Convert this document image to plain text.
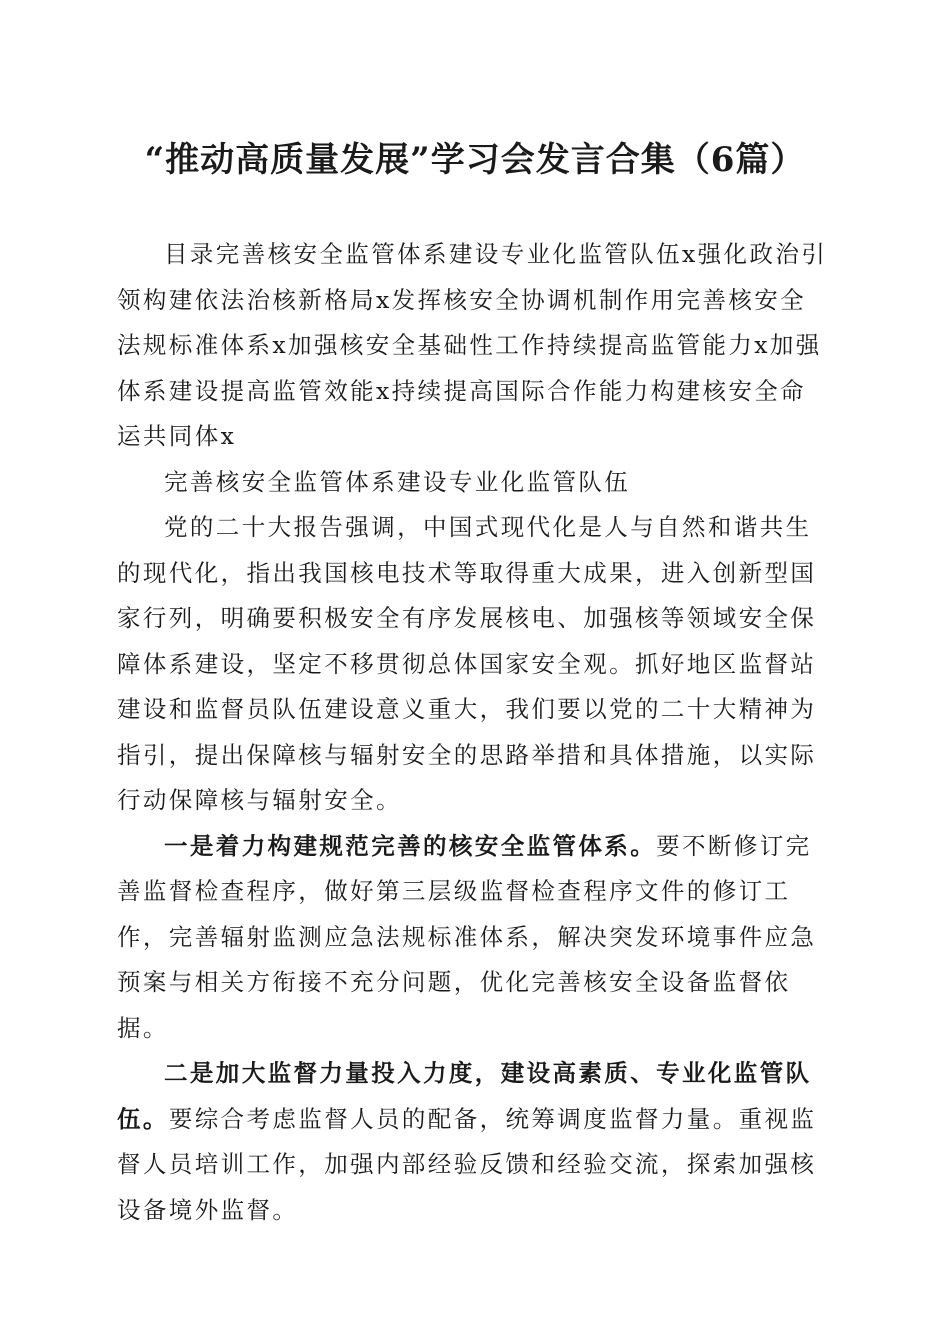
“推动高质量发展”学习会发言合集（6篇）

目录完善核安全监管体系建设专业化监管队伍x强化政治引领构建依法治核新格局x发挥核安全协调机制作用完善核安全法规标准体系x加强核安全基础性工作持续提高监管能力x加强体系建设提高监管效能x持续提高国际合作能力构建核安全命运共同体x

完善核安全监管体系建设专业化监管队伍

党的二十大报告强调，中国式现代化是人与自然和谐共生的现代化，指出我国核电技术等取得重大成果，进入创新型国家行列，明确要积极安全有序发展核电、加强核等领域安全保障体系建设，坚定不移贯彻总体国家安全观。抓好地区监督站建设和监督员队伍建设意义重大，我们要以党的二十大精神为指引，提出保障核与辐射安全的思路举措和具体措施，以实际行动保障核与辐射安全。

一是着力构建规范完善的核安全监管体系。要不断修订完善监督检查程序，做好第三层级监督检查程序文件的修订工作，完善辐射监测应急法规标准体系，解决突发环境事件应急预案与相关方衔接不充分问题，优化完善核安全设备监督依据。

二是加大监督力量投入力度，建设高素质、专业化监管队伍。要综合考虑监督人员的配备，统筹调度监督力量。重视监督人员培训工作，加强内部经验反馈和经验交流，探索加强核设备境外监督。
